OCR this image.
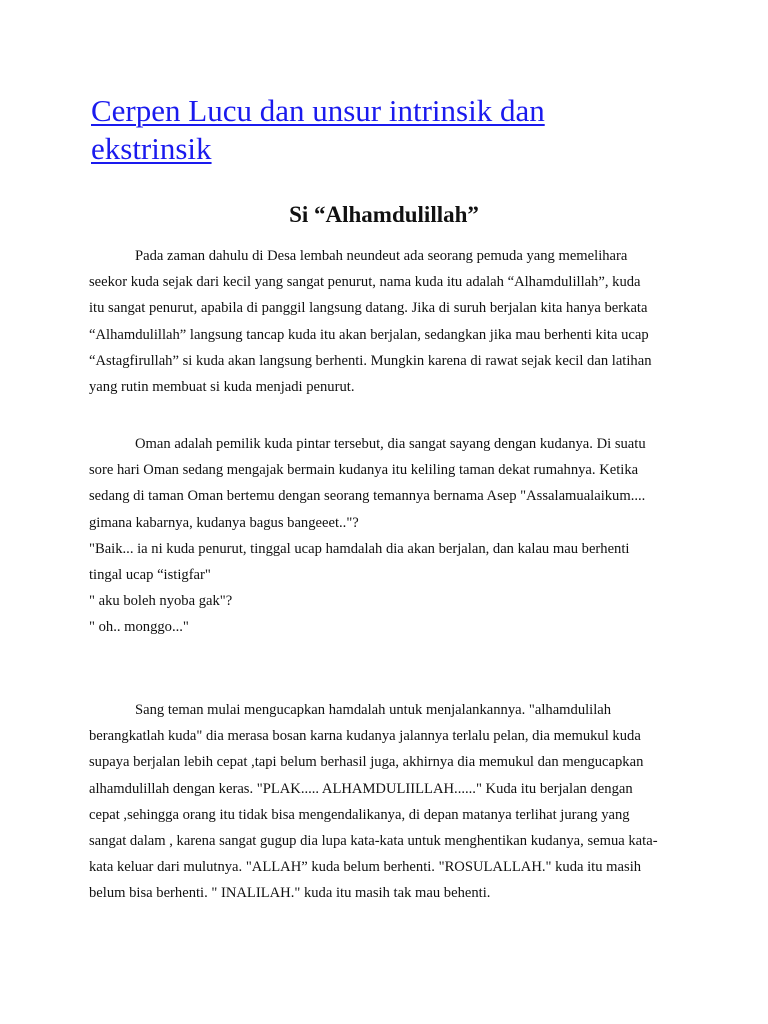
Cerpen Lucu dan unsur intrinsik dan
ekstrinsik
Si “Alhamdulillah”
Pada zaman dahulu di Desa lembah neundeut ada seorang pemuda yang memelihara
seekor kuda sejak dari kecil yang sangat penurut, nama kuda itu adalah “Alhamdulillah”, kuda
itu sangat penurut, apabila di panggil langsung datang. Jika di suruh berjalan kita hanya berkata
“Alhamdulillah” langsung tancap kuda itu akan berjalan, sedangkan jika mau berhenti kita ucap
“Astagfirullah” si kuda akan langsung berhenti. Mungkin karena di rawat sejak kecil dan latihan
yang rutin membuat si kuda menjadi penurut.
Oman adalah pemilik kuda pintar tersebut, dia sangat sayang dengan kudanya. Di suatu
sore hari Oman sedang mengajak bermain kudanya itu keliling taman dekat rumahnya. Ketika
sedang di taman Oman bertemu dengan seorang temannya bernama Asep "Assalamualaikum....
gimana kabarnya, kudanya bagus bangeeet.."?
"Baik... ia ni kuda penurut, tinggal ucap hamdalah dia akan berjalan, dan kalau mau berhenti
tingal ucap “istigfar"
" aku boleh nyoba gak"?
" oh.. monggo..."
Sang teman mulai mengucapkan hamdalah untuk menjalankannya. "alhamdulilah
berangkatlah kuda" dia merasa bosan karna kudanya jalannya terlalu pelan, dia memukul kuda
supaya berjalan lebih cepat ,tapi belum berhasil juga, akhirnya dia memukul dan mengucapkan
alhamdulillah dengan keras. "PLAK..... ALHAMDULIILLAH......" Kuda itu berjalan dengan
cepat ,sehingga orang itu tidak bisa mengendalikanya, di depan matanya terlihat jurang yang
sangat dalam , karena sangat gugup dia lupa kata-kata untuk menghentikan kudanya, semua kata-
kata keluar dari mulutnya. "ALLAH” kuda belum berhenti. "ROSULALLAH." kuda itu masih
belum bisa berhenti. " INALILAH." kuda itu masih tak mau behenti.
